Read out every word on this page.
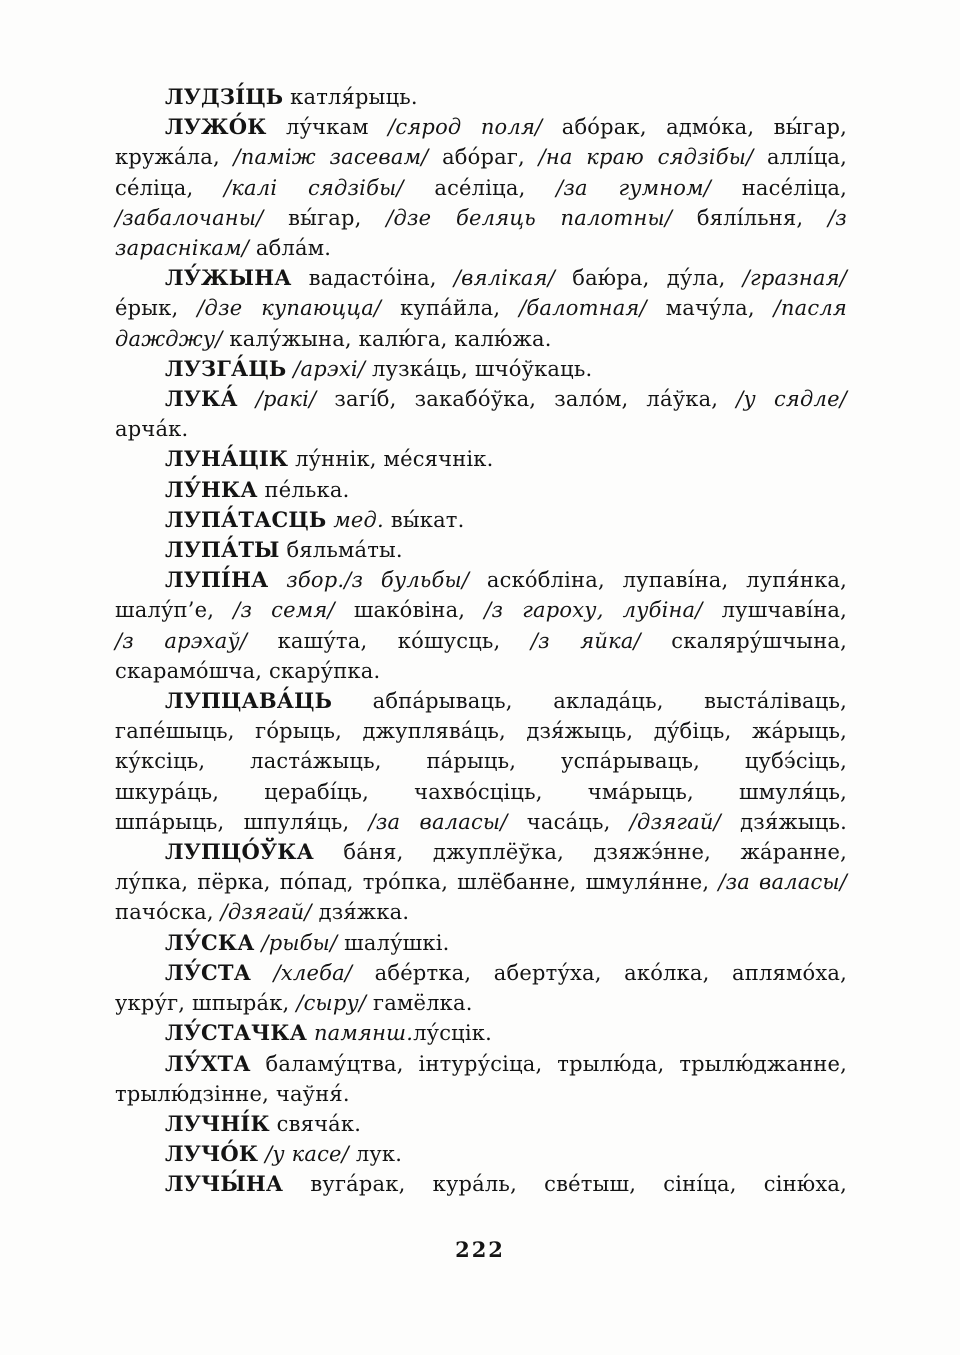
ЛУДЗІ́ЦЬ катля́рыць.
ЛУЖО́К лу́чкам /сярод поля/ або́рак, адмо́ка, вы́гар,
кружа́ла, /паміж засевам/ або́раг, /на краю сядзібы/ аллі́ца,
се́ліца, /калі сядзібы/ асе́ліца, /за гумном/ насе́ліца,
/забалочаны/ вы́гар, /дзе беляць палотны/ бялі́льня, /з
зараснікам/ абла́м.
ЛУ́ЖЫНА вадасто́іна, /вялікая/ баю́ра, ду́ла, /гразная/
е́рык, /дзе купаюцца/ купа́йла, /балотная/ мачу́ла, /пасля
дажджу/ калу́жына, калю́га, калю́жа.
ЛУЗГА́ЦЬ /арэхі/ лузка́ць, шчо́ўкаць.
ЛУКА́ /ракі/ загі́б, закабо́ўка, зало́м, ла́ўка, /у сядле/
арча́к.
ЛУНА́ЦІК лу́ннік, ме́сячнік.
ЛУ́НКА пе́лька.
ЛУПА́ТАСЦЬ мед. вы́кат.
ЛУПА́ТЫ бяльма́ты.
ЛУПІ́НА збор./з бульбы/ аско́бліна, лупаві́на, лупя́нка,
шалу́п’е, /з семя/ шако́віна, /з гароху, лубіна/ лушчаві́на,
/з арэхаў/ кашу́та, ко́шусць, /з яйка/ скаляру́шчына,
скарамо́шча, скару́пка.
ЛУПЦАВА́ЦЬ абпа́рываць, аклада́ць, выста́ліваць,
гапе́шыць, го́рыць, джуплява́ць, дзя́жыць, ду́біць, жа́рыць,
ку́ксіць, ласта́жыць, па́рыць, успа́рываць, цубэ́сіць,
шкура́ць, церабі́ць, чахво́сціць, чма́рыць, шмуля́ць,
шпа́рыць, шпуля́ць, /за валасы/ часа́ць, /дзягай/ дзя́жыць.
ЛУПЦО́ЎКА ба́ня, джуплёўка, дзяжэ́нне, жа́ранне,
лу́пка, пёрка, по́пад, тро́пка, шлёбанне, шмуля́нне, /за валасы/
пачо́ска, /дзягай/ дзя́жка.
ЛУ́СКА /рыбы/ шалу́шкі.
ЛУ́СТА /хлеба/ абе́ртка, аберту́ха, ако́лка, аплямо́ха,
укру́г, шпыра́к, /сыру/ гамёлка.
ЛУ́СТАЧКА памянш.лу́сцік.
ЛУ́ХТА баламу́цтва, інтуру́сіца, трылю́да, трылю́джанне,
трылю́дзінне, чаўня́.
ЛУЧНІ́К свяча́к.
ЛУЧО́К /у касе/ лук.
ЛУЧЫ́НА вуга́рак, кура́ль, све́тыш, сіні́ца, сіню́ха,
222
